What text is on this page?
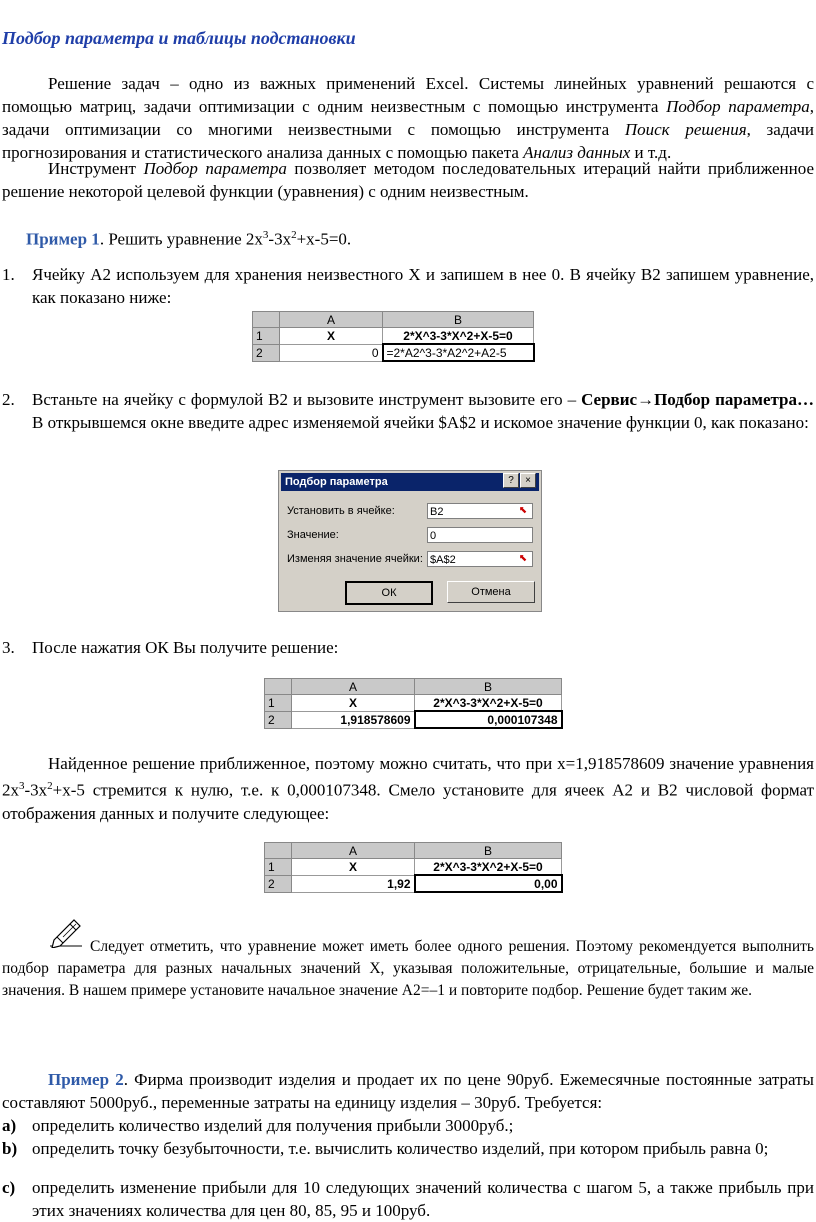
Подбор параметра и таблицы подстановки
Решение задач – одно из важных применений Excel. Системы линейных уравнений решаются с помощью матриц, задачи оптимизации с одним неизвестным с помощью инструмента Подбор параметра, задачи оптимизации со многими неизвестными с помощью инструмента Поиск решения, задачи прогнозирования и статистического анализа данных с помощью пакета Анализ данных и т.д.
Инструмент Подбор параметра позволяет методом последовательных итераций найти приближенное решение некоторой целевой функции (уравнения) с одним неизвестным.
Пример 1. Решить уравнение $2x^3-3x^2+x-5=0$.
1. Ячейку А2 используем для хранения неизвестного Х и запишем в нее 0. В ячейку В2 запишем уравнение, как показано ниже:
	A	B
1	X	2*X^3-3*X^2+X-5=0
2	0	=2*A2^3-3*A2^2+A2-5
2. Встаньте на ячейку с формулой В2 и вызовите инструмент вызовите его – Сервис→Подбор параметра… В открывшемся окне введите адрес изменяемой ячейки $A$2 и искомое значение функции 0, как показано:
Подбор параметра	?	×
Установить в ячейке:	B2	⬉
Значение:	0
Изменяя значение ячейки: $A$2	⬉
ОК	Отмена
3. После нажатия ОК Вы получите решение:
	A	B
1	X	2*X^3-3*X^2+X-5=0
2	1,918578609	0,000107348
Найденное решение приближенное, поэтому можно считать, что при x=1,918578609 значение уравнения $2x^3-3x^2+x-5$ стремится к нулю, т.е. к 0,000107348. Смело установите для ячеек А2 и В2 числовой формат отображения данных и получите следующее:
	A	B
1	X	2*X^3-3*X^2+X-5=0
2	1,92	0,00
Следует отметить, что уравнение может иметь более одного решения. Поэтому рекомендуется выполнить подбор параметра для разных начальных значений Х, указывая положительные, отрицательные, большие и малые значения. В нашем примере установите начальное значение А2=–1 и повторите подбор. Решение будет таким же.
Пример 2. Фирма производит изделия и продает их по цене 90руб. Ежемесячные постоянные затраты составляют 5000руб., переменные затраты на единицу изделия – 30руб. Требуется:
a) определить количество изделий для получения прибыли 3000руб.;
b) определить точку безубыточности, т.е. вычислить количество изделий, при котором прибыль равна 0;
c) определить изменение прибыли для 10 следующих значений количества с шагом 5, а также прибыль при этих значениях количества для цен 80, 85, 95 и 100руб.
